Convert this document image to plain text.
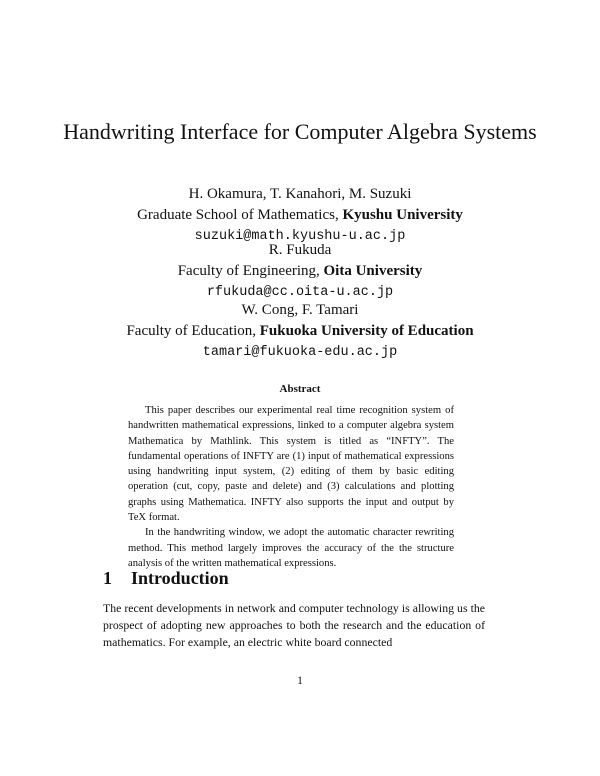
Handwriting Interface for Computer Algebra Systems
H. Okamura, T. Kanahori, M. Suzuki
Graduate School of Mathematics, Kyushu University
suzuki@math.kyushu-u.ac.jp
R. Fukuda
Faculty of Engineering, Oita University
rfukuda@cc.oita-u.ac.jp
W. Cong, F. Tamari
Faculty of Education, Fukuoka University of Education
tamari@fukuoka-edu.ac.jp
Abstract

This paper describes our experimental real time recognition system of handwritten mathematical expressions, linked to a computer algebra system Mathematica by Mathlink. This system is titled as “INFTY”. The fundamental operations of INFTY are (1) input of mathematical expressions using handwriting input system, (2) editing of them by basic editing operation (cut, copy, paste and delete) and (3) calculations and plotting graphs using Mathematica. INFTY also supports the input and output by TeX format.

In the handwriting window, we adopt the automatic character rewriting method. This method largely improves the accuracy of the the structure analysis of the written mathematical expressions.

1 Introduction

The recent developments in network and computer technology is allowing us the prospect of adopting new approaches to both the research and the education of mathematics. For example, an electric white board connected

1
